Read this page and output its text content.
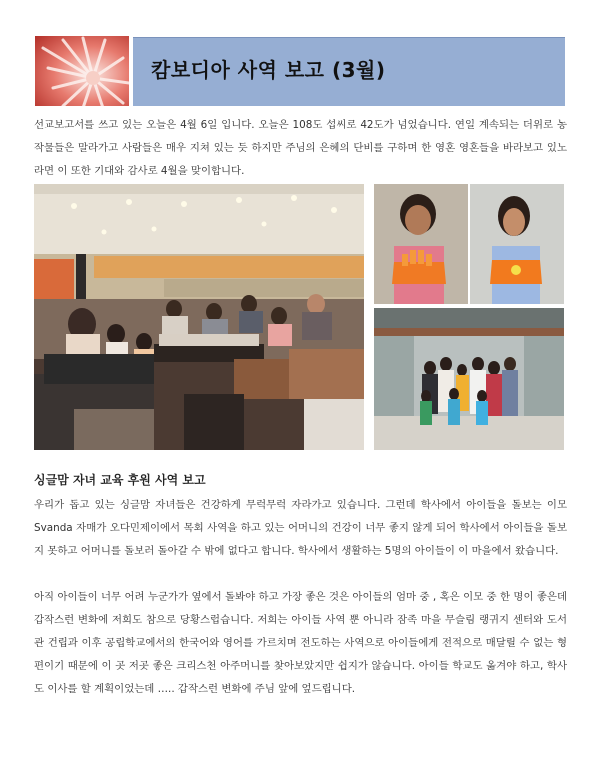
캄보디아 사역 보고 (3월)
선교보고서를 쓰고 있는 오늘은 4월 6일 입니다. 오늘은 108도 섭씨로 42도가 넘었습니다. 연일 계속되는 더위로 농작물들은 말라가고 사람들은 매우 지쳐 있는 듯 하지만 주님의 은혜의 단비를 구하며 한 영혼 영혼들을 바라보고 있노라면 이 또한 기대와 감사로 4월을 맞이합니다.
싱글맘 자녀 교육 후원 사역 보고

우리가 돕고 있는 싱글맘 자녀들은 건강하게 무럭무럭 자라가고 있습니다. 그런데 학사에서 아이들을 돌보는 이모 Svanda 자매가 오다민제이에서 목회 사역을 하고 있는 어머니의 건강이 너무 좋지 않게 되어 학사에서 아이들을 돌보지 못하고 어머니를 돌보러 돌아갈 수 밖에 없다고 합니다. 학사에서 생활하는 5명의 아이들이 이 마을에서 왔습니다.

아직 아이들이 너무 어려 누군가가 옆에서 돌봐야 하고 가장 좋은 것은 아이들의 엄마 중 , 혹은 이모 중 한 명이 좋은데 갑작스런 변화에 저희도 참으로 당황스럽습니다. 저희는 아이들 사역 뿐 아니라 잠족 마을 무슬림 랭귀지 센터와 도서관 건립과 이후 공립학교에서의 한국어와 영어를 가르치며 전도하는 사역으로 아이들에게 전적으로 매달릴 수 없는 형편이기 때문에 이 곳 저곳 좋은 크리스천 아주머니를 찾아보았지만 쉽지가 않습니다. 아이들 학교도 옮겨야 하고, 학사도 이사를 할 계획이었는데 ….. 갑작스런 변화에 주님 앞에 엎드립니다.
